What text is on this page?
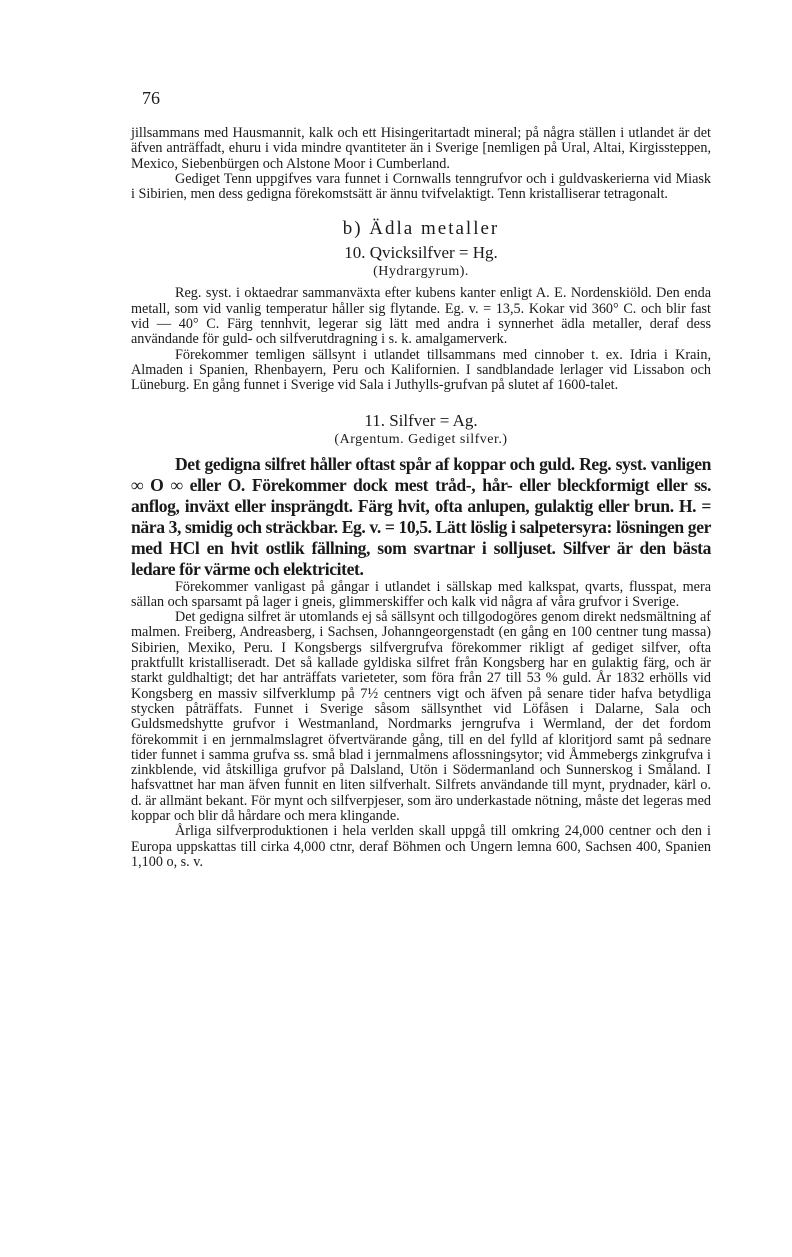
76

jillsammans med Hausmannit, kalk och ett Hisingeritartadt mineral; på några ställen i utlandet är det äfven anträffadt, ehuru i vida mindre qvantiteter än i Sverige [nemligen på Ural, Altai, Kirgissteppen, Mexico, Siebenbürgen och Alstone Moor i Cumberland.

Gediget Tenn uppgifves vara funnet i Cornwalls tenngrufvor och i guldvaskerierna vid Miask i Sibirien, men dess gedigna förekomstsätt är ännu tvifvelaktigt. Tenn kristalliserar tetragonalt.

b) Ädla metaller
10. Qvicksilfver = Hg.
(Hydrargyrum).

Reg. syst. i oktaedrar sammanväxta efter kubens kanter enligt A. E. Nordenskiöld. Den enda metall, som vid vanlig temperatur håller sig flytande. Eg. v. = 13,5. Kokar vid 360° C. och blir fast vid — 40° C. Färg tennhvit, legerar sig lätt med andra i synnerhet ädla metaller, deraf dess användande för guld- och silfverutdragning i s. k. amalgamerverk.

Förekommer temligen sällsynt i utlandet tillsammans med cinnober t. ex. Idria i Krain, Almaden i Spanien, Rhenbayern, Peru och Kalifornien. I sandblandade lerlager vid Lissabon och Lüneburg. En gång funnet i Sverige vid Sala i Juthylls-grufvan på slutet af 1600-talet.

11. Silfver = Ag.
(Argentum. Gediget silfver.)

Det gedigna silfret håller oftast spår af koppar och guld. Reg. syst. vanligen ∞ O ∞ eller O. Förekommer dock mest tråd-, hår- eller bleckformigt eller ss. anflog, inväxt eller insprängdt. Färg hvit, ofta anlupen, gulaktig eller brun. H. = nära 3, smidig och sträckbar. Eg. v. = 10,5. Lätt löslig i salpetersyra: lösningen ger med HCl en hvit ostlik fällning, som svartnar i solljuset. Silfver är den bästa ledare för värme och elektricitet.

Förekommer vanligast på gångar i utlandet i sällskap med kalkspat, qvarts, flusspat, mera sällan och sparsamt på lager i gneis, glimmerskiffer och kalk vid några af våra grufvor i Sverige.

Det gedigna silfret är utomlands ej så sällsynt och tillgodogöres genom direkt nedsmältning af malmen. Freiberg, Andreasberg, i Sachsen, Johanngeorgenstadt (en gång en 100 centner tung massa) Sibirien, Mexiko, Peru. I Kongsbergs silfvergrufva förekommer rikligt af gediget silfver, ofta praktfullt kristalliseradt. Det så kallade gyldiska silfret från Kongsberg har en gulaktig färg, och är starkt guldhaltigt; det har anträffats varieteter, som föra från 27 till 53 % guld. År 1832 erhölls vid Kongsberg en massiv silfverklump på 7½ centners vigt och äfven på senare tider hafva betydliga stycken påträffats. Funnet i Sverige såsom sällsynthet vid Löfåsen i Dalarne, Sala och Guldsmedshytte grufvor i Westmanland, Nordmarks jerngrufva i Wermland, der det fordom förekommit i en jernmalmslagret öfvertvärande gång, till en del fylld af kloritjord samt på sednare tider funnet i samma grufva ss. små blad i jernmalmens aflossningsytor; vid Åmmebergs zinkgrufva i zinkblende, vid åtskilliga grufvor på Dalsland, Utön i Södermanland och Sunnerskog i Småland. I hafsvattnet har man äfven funnit en liten silfverhalt. Silfrets användande till mynt, prydnader, kärl o. d. är allmänt bekant. För mynt och silfverpjeser, som äro underkastade nötning, måste det legeras med koppar och blir då hårdare och mera klingande.

Årliga silfverproduktionen i hela verlden skall uppgå till omkring 24,000 centner och den i Europa uppskattas till cirka 4,000 ctnr, deraf Böhmen och Ungern lemna 600, Sachsen 400, Spanien 1,100 o, s. v.
